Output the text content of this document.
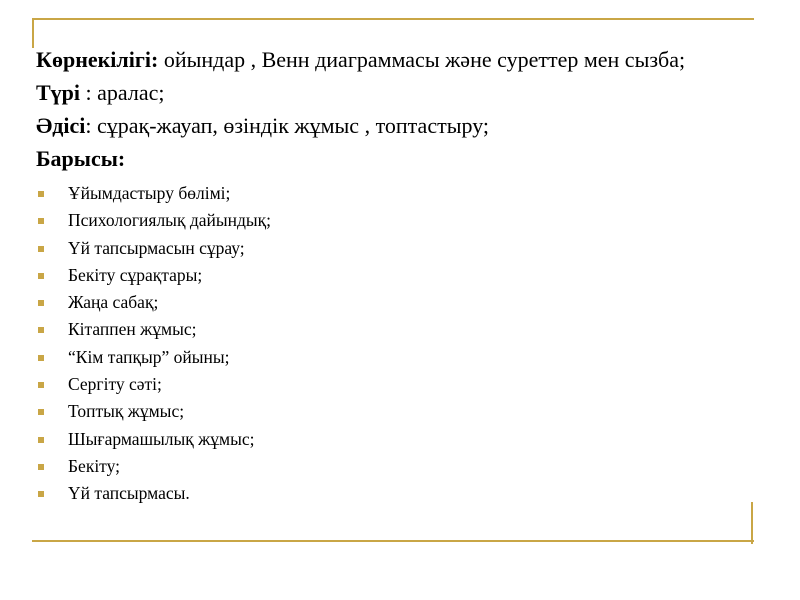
Көрнекілігі: ойындар , Венн диаграммасы және суреттер мен сызба;

Түрі : аралас;

Әдісі: сұрақ-жауап, өзіндік жұмыс , топтастыру;

Барысы:

Ұйымдастыру бөлімі;
Психологиялық дайындық;
Үй тапсырмасын сұрау;
Бекіту сұрақтары;
Жаңа сабақ;
Кітаппен жұмыс;
“Кім тапқыр” ойыны;
Сергіту сәті;
Топтық жұмыс;
Шығармашылық жұмыс;
Бекіту;
Үй тапсырмасы.
